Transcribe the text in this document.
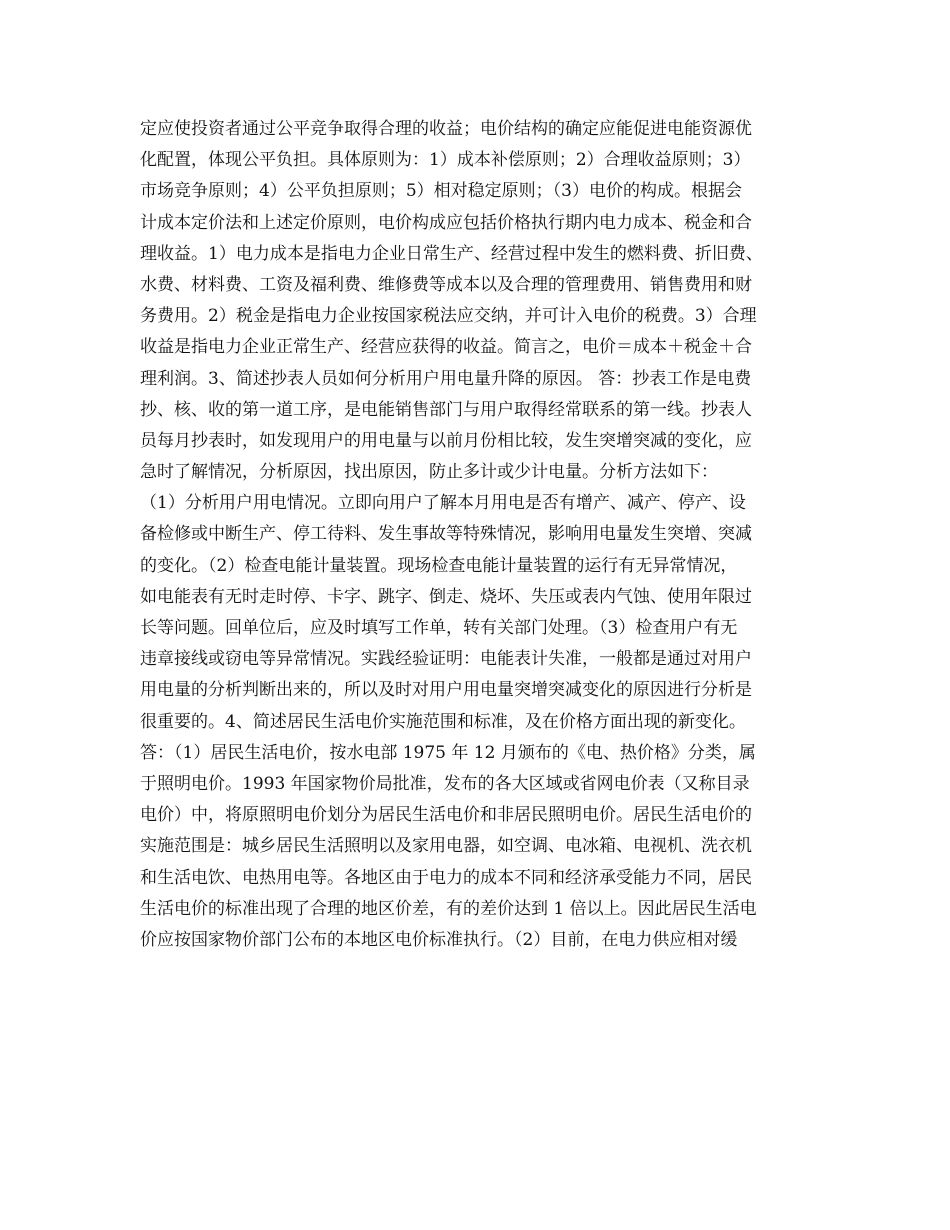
定应使投资者通过公平竞争取得合理的收益；电价结构的确定应能促进电能资源优
化配置，体现公平负担。具体原则为：1）成本补偿原则；2）合理收益原则；3）
市场竞争原则；4）公平负担原则；5）相对稳定原则；（3）电价的构成。根据会
计成本定价法和上述定价原则，电价构成应包括价格执行期内电力成本、税金和合
理收益。1）电力成本是指电力企业日常生产、经营过程中发生的燃料费、折旧费、
水费、材料费、工资及福利费、维修费等成本以及合理的管理费用、销售费用和财
务费用。2）税金是指电力企业按国家税法应交纳，并可计入电价的税费。3）合理
收益是指电力企业正常生产、经营应获得的收益。简言之，电价＝成本＋税金＋合
理利润。3、简述抄表人员如何分析用户用电量升降的原因。 答：抄表工作是电费
抄、核、收的第一道工序，是电能销售部门与用户取得经常联系的第一线。抄表人
员每月抄表时，如发现用户的用电量与以前月份相比较，发生突增突减的变化，应
急时了解情况，分析原因，找出原因，防止多计或少计电量。分析方法如下：
（1）分析用户用电情况。立即向用户了解本月用电是否有增产、减产、停产、设
备检修或中断生产、停工待料、发生事故等特殊情况，影响用电量发生突增、突减
的变化。（2）检查电能计量装置。现场检查电能计量装置的运行有无异常情况，
如电能表有无时走时停、卡字、跳字、倒走、烧坏、失压或表内气蚀、使用年限过
长等问题。回单位后，应及时填写工作单，转有关部门处理。（3）检查用户有无
违章接线或窃电等异常情况。实践经验证明：电能表计失准，一般都是通过对用户
用电量的分析判断出来的，所以及时对用户用电量突增突减变化的原因进行分析是
很重要的。4、简述居民生活电价实施范围和标准，及在价格方面出现的新变化。
答：（1）居民生活电价，按水电部 1975 年 12 月颁布的《电、热价格》分类，属
于照明电价。1993 年国家物价局批准，发布的各大区域或省网电价表（又称目录
电价）中，将原照明电价划分为居民生活电价和非居民照明电价。居民生活电价的
实施范围是：城乡居民生活照明以及家用电器，如空调、电冰箱、电视机、洗衣机
和生活电饮、电热用电等。各地区由于电力的成本不同和经济承受能力不同，居民
生活电价的标准出现了合理的地区价差，有的差价达到 1 倍以上。因此居民生活电
价应按国家物价部门公布的本地区电价标准执行。（2）目前，在电力供应相对缓
